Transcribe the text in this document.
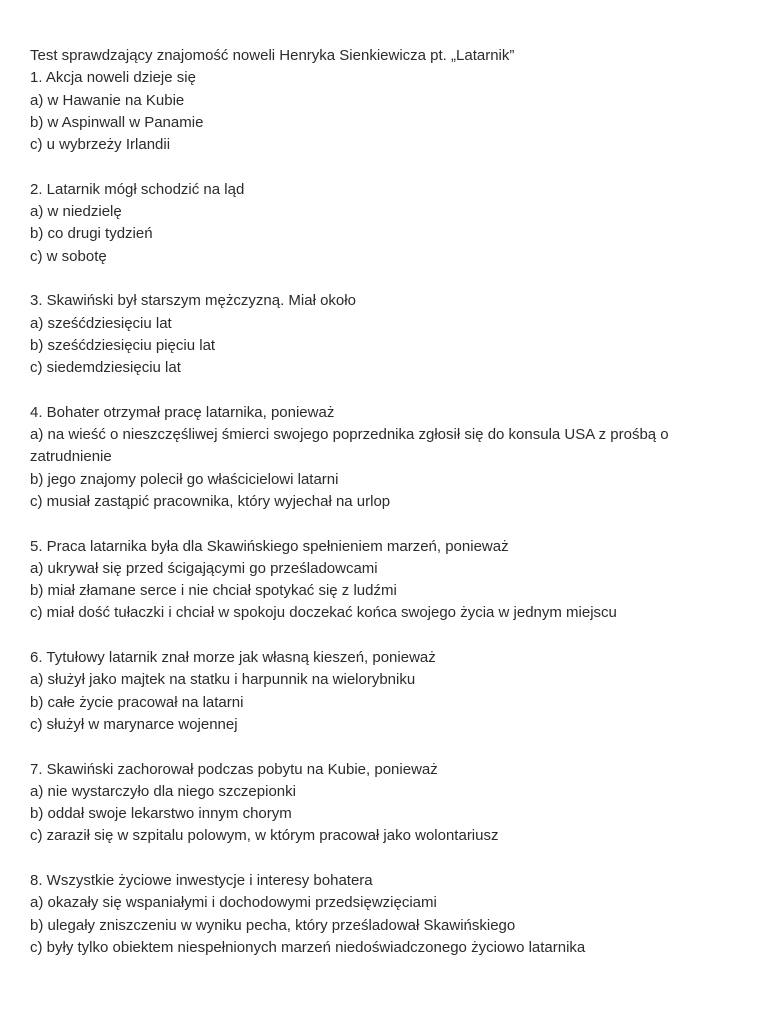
Test sprawdzający znajomość noweli Henryka Sienkiewicza pt. „Latarnik”

1. Akcja noweli dzieje się

a) w Hawanie na Kubie

b) w Aspinwall w Panamie

c) u wybrzeży Irlandii

2. Latarnik mógł schodzić na ląd

a) w niedzielę

b) co drugi tydzień

c) w sobotę

3. Skawiński był starszym mężczyzną. Miał około

a) sześćdziesięciu lat

b) sześćdziesięciu pięciu lat

c) siedemdziesięciu lat

4. Bohater otrzymał pracę latarnika, ponieważ

a) na wieść o nieszczęśliwej śmierci swojego poprzednika zgłosił się do konsula USA z prośbą o zatrudnienie

b) jego znajomy polecił go właścicielowi latarni

c) musiał zastąpić pracownika, który wyjechał na urlop

5. Praca latarnika była dla Skawińskiego spełnieniem marzeń, ponieważ

a) ukrywał się przed ścigającymi go prześladowcami

b) miał złamane serce i nie chciał spotykać się z ludźmi

c) miał dość tułaczki i chciał w spokoju doczekać końca swojego życia w jednym miejscu

6. Tytułowy latarnik znał morze jak własną kieszeń, ponieważ

a) służył jako majtek na statku i harpunnik na wielorybniku

b) całe życie pracował na latarni

c) służył w marynarce wojennej

7. Skawiński zachorował podczas pobytu na Kubie, ponieważ

a) nie wystarczyło dla niego szczepionki

b) oddał swoje lekarstwo innym chorym

c) zaraził się w szpitalu polowym, w którym pracował jako wolontariusz

8. Wszystkie życiowe inwestycje i interesy bohatera

a) okazały się wspaniałymi i dochodowymi przedsięwzięciami

b) ulegały zniszczeniu w wyniku pecha, który prześladował Skawińskiego

c) były tylko obiektem niespełnionych marzeń niedoświadczonego życiowo latarnika
